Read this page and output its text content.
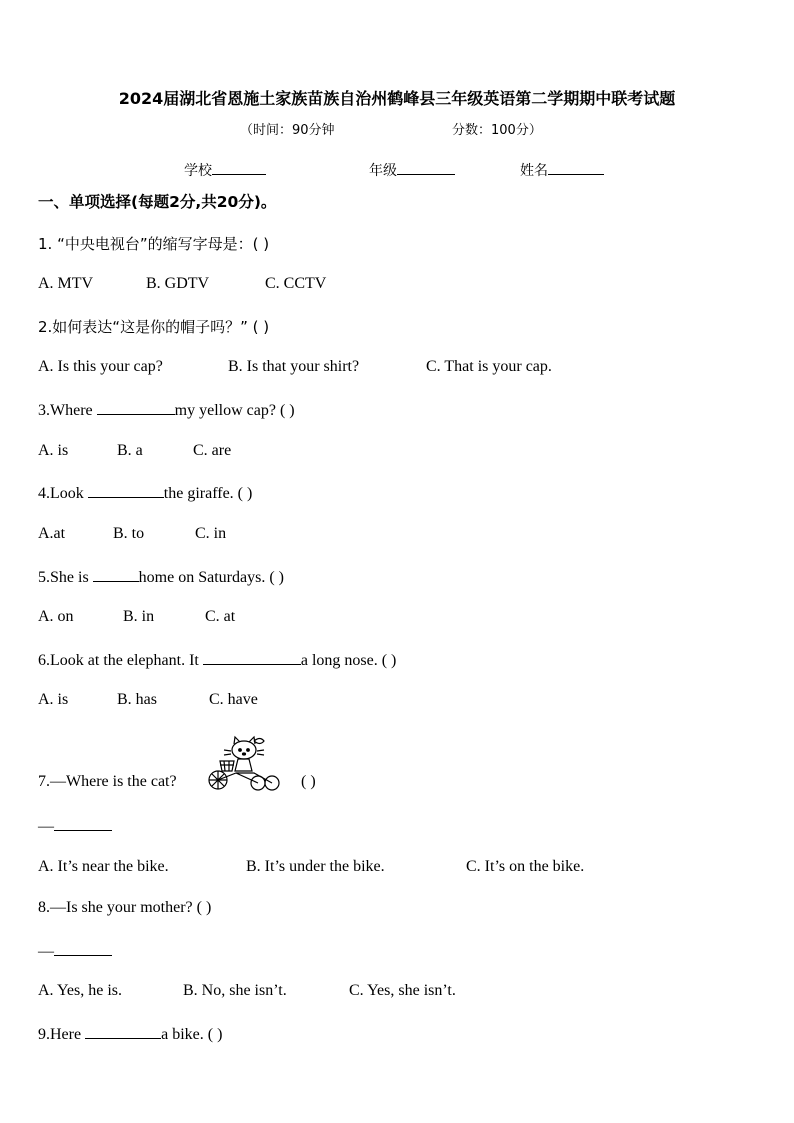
2024届湖北省恩施土家族苗族自治州鹤峰县三年级英语第二学期期中联考试题
（时间：90分钟	分数：100分）
学校	年级	姓名
一、单项选择(每题2分,共20分)。
1. “中央电视台”的缩写字母是：( )
A. MTV	B. GDTV	C. CCTV
2.如何表达“这是你的帽子吗？” ( )
A. Is this your cap?	B. Is that your shirt?	C. That is your cap.
3.Where	my yellow cap? ( )
A. is	B. a	C. are
4.Look	the giraffe. ( )
A.at	B. to	C. in
5.She is	home on Saturdays. ( )
A. on	B. in	C. at
6.Look at the elephant. It	a long nose. ( )
A. is	B. has	C. have
7.—Where is the cat?	( )
—
A. It’s near the bike.	B. It’s under the bike.	C. It’s on the bike.
8.—Is she your mother? ( )
—
A. Yes, he is.	B. No, she isn’t.	C. Yes, she isn’t.
9.Here	a bike. ( )
